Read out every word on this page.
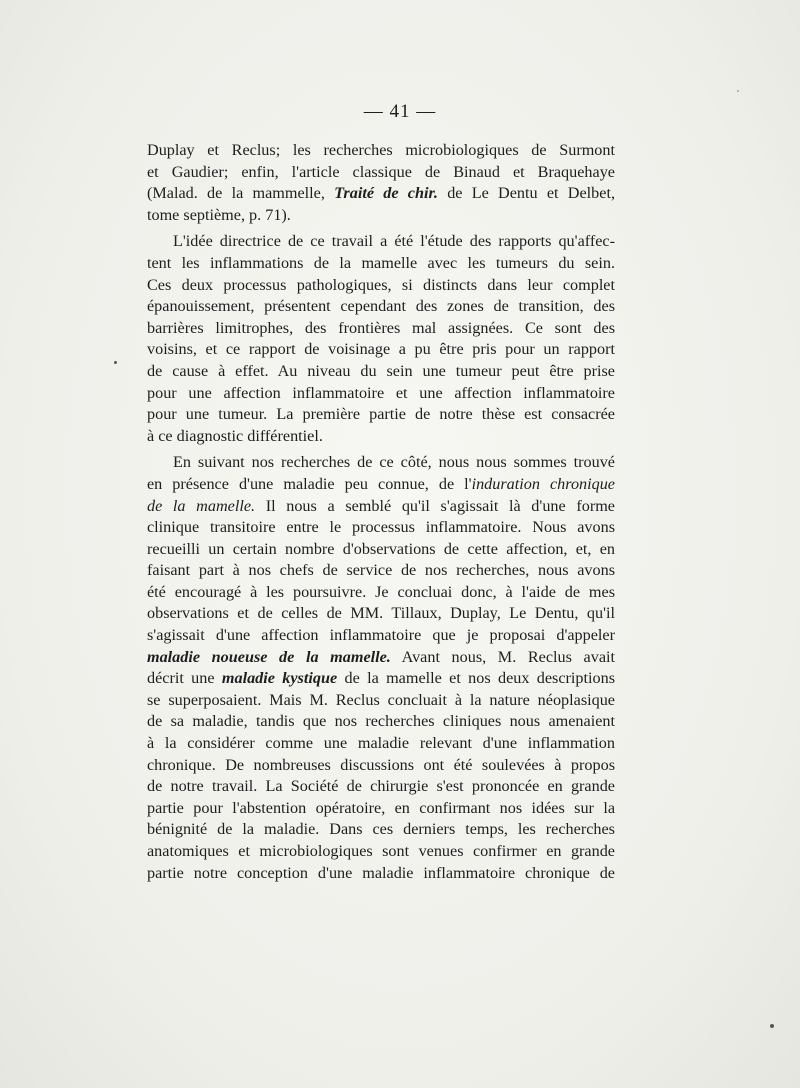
— 41 —
Duplay et Reclus; les recherches microbiologiques de Surmont
et Gaudier; enfin, l'article classique de Binaud et Braquehaye
(Malad. de la mammelle, Traité de chir. de Le Dentu et Delbet,
tome septième, p. 71).
L'idée directrice de ce travail a été l'étude des rapports qu'affec-
tent les inflammations de la mamelle avec les tumeurs du sein.
Ces deux processus pathologiques, si distincts dans leur complet
épanouissement, présentent cependant des zones de transition, des
barrières limitrophes, des frontières mal assignées. Ce sont des
voisins, et ce rapport de voisinage a pu être pris pour un rapport
de cause à effet. Au niveau du sein une tumeur peut être prise
pour une affection inflammatoire et une affection inflammatoire
pour une tumeur. La première partie de notre thèse est consacrée
à ce diagnostic différentiel.
En suivant nos recherches de ce côté, nous nous sommes trouvé
en présence d'une maladie peu connue, de l'induration chronique
de la mamelle. Il nous a semblé qu'il s'agissait là d'une forme
clinique transitoire entre le processus inflammatoire. Nous avons
recueilli un certain nombre d'observations de cette affection, et, en
faisant part à nos chefs de service de nos recherches, nous avons
été encouragé à les poursuivre. Je concluai donc, à l'aide de mes
observations et de celles de MM. Tillaux, Duplay, Le Dentu, qu'il
s'agissait d'une affection inflammatoire que je proposai d'appeler
maladie noueuse de la mamelle. Avant nous, M. Reclus avait
décrit une maladie kystique de la mamelle et nos deux descriptions
se superposaient. Mais M. Reclus concluait à la nature néoplasique
de sa maladie, tandis que nos recherches cliniques nous amenaient
à la considérer comme une maladie relevant d'une inflammation
chronique. De nombreuses discussions ont été soulevées à propos
de notre travail. La Société de chirurgie s'est prononcée en grande
partie pour l'abstention opératoire, en confirmant nos idées sur la
bénignité de la maladie. Dans ces derniers temps, les recherches
anatomiques et microbiologiques sont venues confirmer en grande
partie notre conception d'une maladie inflammatoire chronique de
